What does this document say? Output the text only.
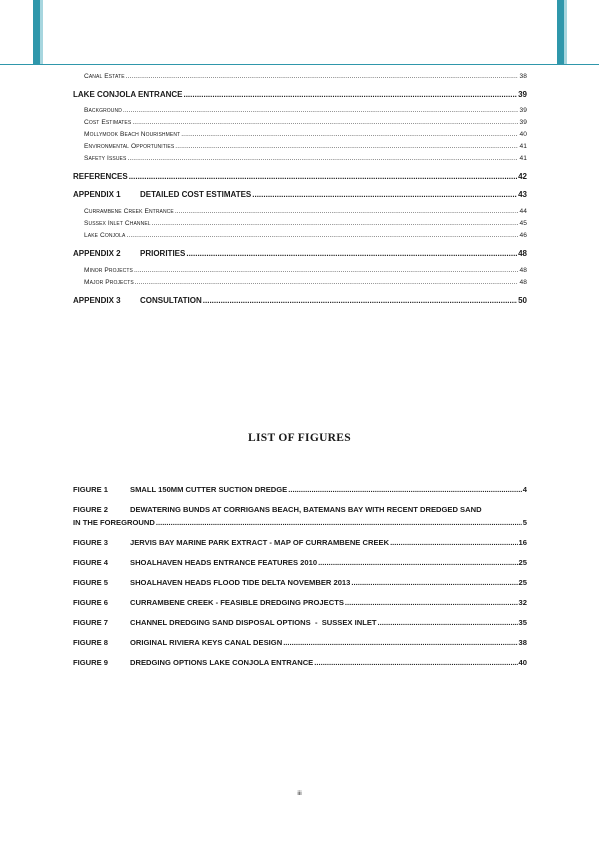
Canal Estate .....	38
LAKE CONJOLA ENTRANCE .....	39
Background .....	39
Cost Estimates .....	39
Mollymook Beach Nourishment .....	40
Environmental Opportunities .....	41
Safety Issues .....	41
REFERENCES .....	42
APPENDIX 1 DETAILED COST ESTIMATES .....	43
Currambene Creek Entrance .....	44
Sussex Inlet Channel .....	45
Lake Conjola .....	46
APPENDIX 2 PRIORITIES .....	48
Minor Projects .....	48
Major Projects .....	48
APPENDIX 3 CONSULTATION .....	50
LIST OF FIGURES
FIGURE 1	SMALL 150MM CUTTER SUCTION DREDGE .....	4
FIGURE 2	DEWATERING BUNDS AT CORRIGANS BEACH, BATEMANS BAY WITH RECENT DREDGED SAND
IN THE FOREGROUND .....	5
FIGURE 3	JERVIS BAY MARINE PARK EXTRACT - MAP OF CURRAMBENE CREEK .....	16
FIGURE 4	SHOALHAVEN HEADS ENTRANCE FEATURES 2010 .....	25
FIGURE 5	SHOALHAVEN HEADS FLOOD TIDE DELTA NOVEMBER 2013 .....	25
FIGURE 6	CURRAMBENE CREEK - FEASIBLE DREDGING PROJECTS .....	32
FIGURE 7	CHANNEL DREDGING SAND DISPOSAL OPTIONS  -  SUSSEX INLET .....	35
FIGURE 8	ORIGINAL RIVIERA KEYS CANAL DESIGN .....	38
FIGURE 9	DREDGING OPTIONS LAKE CONJOLA ENTRANCE .....	40
iii
